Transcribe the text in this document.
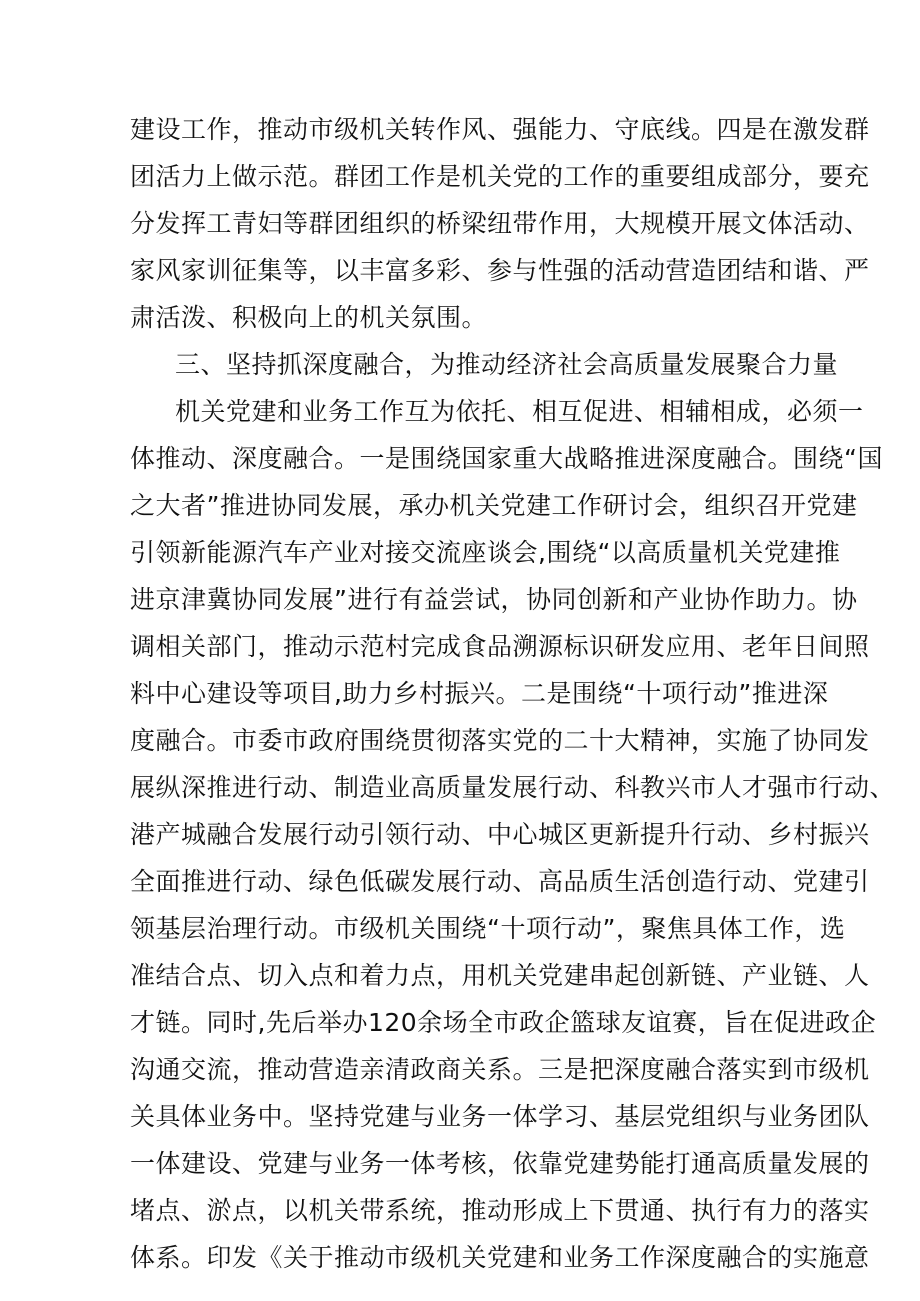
建设工作，推动市级机关转作风、强能力、守底线。四是在激发群
团活力上做示范。群团工作是机关党的工作的重要组成部分，要充
分发挥工青妇等群团组织的桥梁纽带作用，大规模开展文体活动、
家风家训征集等，以丰富多彩、参与性强的活动营造团结和谐、严
肃活泼、积极向上的机关氛围。
三、坚持抓深度融合，为推动经济社会高质量发展聚合力量
机关党建和业务工作互为依托、相互促进、相辅相成，必须一
体推动、深度融合。一是围绕国家重大战略推进深度融合。围绕“国
之大者”推进协同发展，承办机关党建工作研讨会，组织召开党建
引领新能源汽车产业对接交流座谈会,围绕“以高质量机关党建推
进京津冀协同发展”进行有益尝试，协同创新和产业协作助力。协
调相关部门，推动示范村完成食品溯源标识研发应用、老年日间照
料中心建设等项目,助力乡村振兴。二是围绕“十项行动”推进深
度融合。市委市政府围绕贯彻落实党的二十大精神，实施了协同发
展纵深推进行动、制造业高质量发展行动、科教兴市人才强市行动、
港产城融合发展行动引领行动、中心城区更新提升行动、乡村振兴
全面推进行动、绿色低碳发展行动、高品质生活创造行动、党建引
领基层治理行动。市级机关围绕“十项行动”，聚焦具体工作，选
准结合点、切入点和着力点，用机关党建串起创新链、产业链、人
才链。同时,先后举办120余场全市政企篮球友谊赛，旨在促进政企
沟通交流，推动营造亲清政商关系。三是把深度融合落实到市级机
关具体业务中。坚持党建与业务一体学习、基层党组织与业务团队
一体建设、党建与业务一体考核，依靠党建势能打通高质量发展的
堵点、淤点，以机关带系统，推动形成上下贯通、执行有力的落实
体系。印发《关于推动市级机关党建和业务工作深度融合的实施意
